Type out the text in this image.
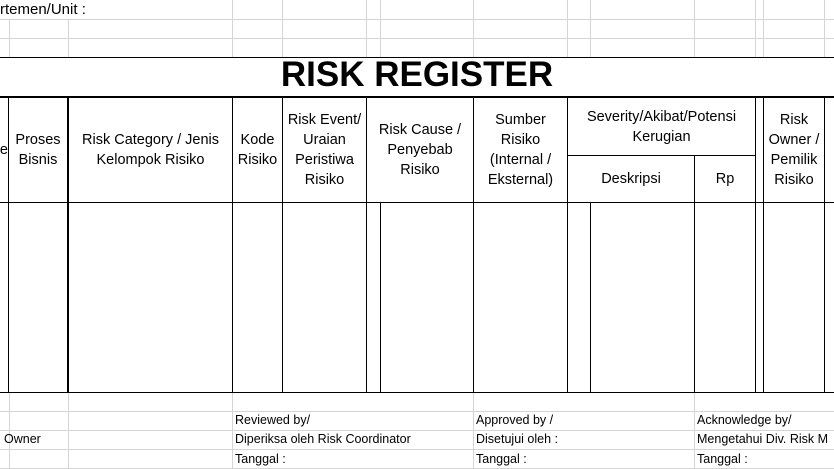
rtemen/Unit :
RISK REGISTER
e
Proses
Bisnis
Risk Category / Jenis
Kelompok Risiko
Kode
Risiko
Risk Event/
Uraian
Peristiwa
Risiko
Risk Cause /
Penyebab
Risiko
Sumber
Risiko
(Internal /
Eksternal)
Severity/Akibat/Potensi
Kerugian
Deskripsi	Rp
Risk
Owner /
Pemilik
Risiko
Owner
Reviewed by/
Diperiksa oleh Risk Coordinator
Tanggal :
Approved by /
Disetujui oleh :
Tanggal :
Acknowledge by/
Mengetahui Div. Risk M
Tanggal :
